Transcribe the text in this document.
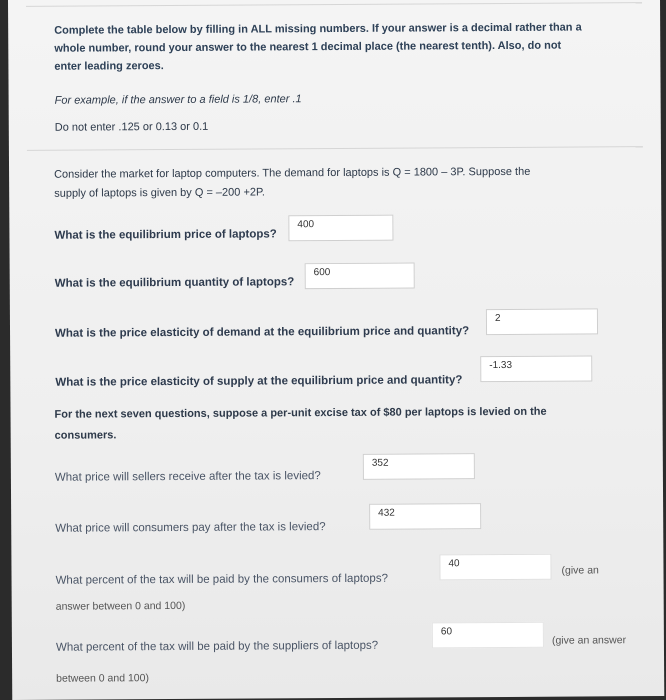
Complete the table below by filling in ALL missing numbers. If your answer is a decimal rather than a
whole number, round your answer to the nearest 1 decimal place (the nearest tenth). Also, do not
enter leading zeroes.
For example, if the answer to a field is 1/8, enter .1
Do not enter .125 or 0.13 or 0.1
Consider the market for laptop computers. The demand for laptops is Q = 1800 – 3P. Suppose the
supply of laptops is given by Q = –200 +2P.
What is the equilibrium price of laptops?
400
What is the equilibrium quantity of laptops?
600
What is the price elasticity of demand at the equilibrium price and quantity?
2
What is the price elasticity of supply at the equilibrium price and quantity?
-1.33
For the next seven questions, suppose a per-unit excise tax of $80 per laptops is levied on the
consumers.
What price will sellers receive after the tax is levied?
352
What price will consumers pay after the tax is levied?
432
What percent of the tax will be paid by the consumers of laptops?
40
(give an
answer between 0 and 100)
What percent of the tax will be paid by the suppliers of laptops?
60
(give an answer
between 0 and 100)
